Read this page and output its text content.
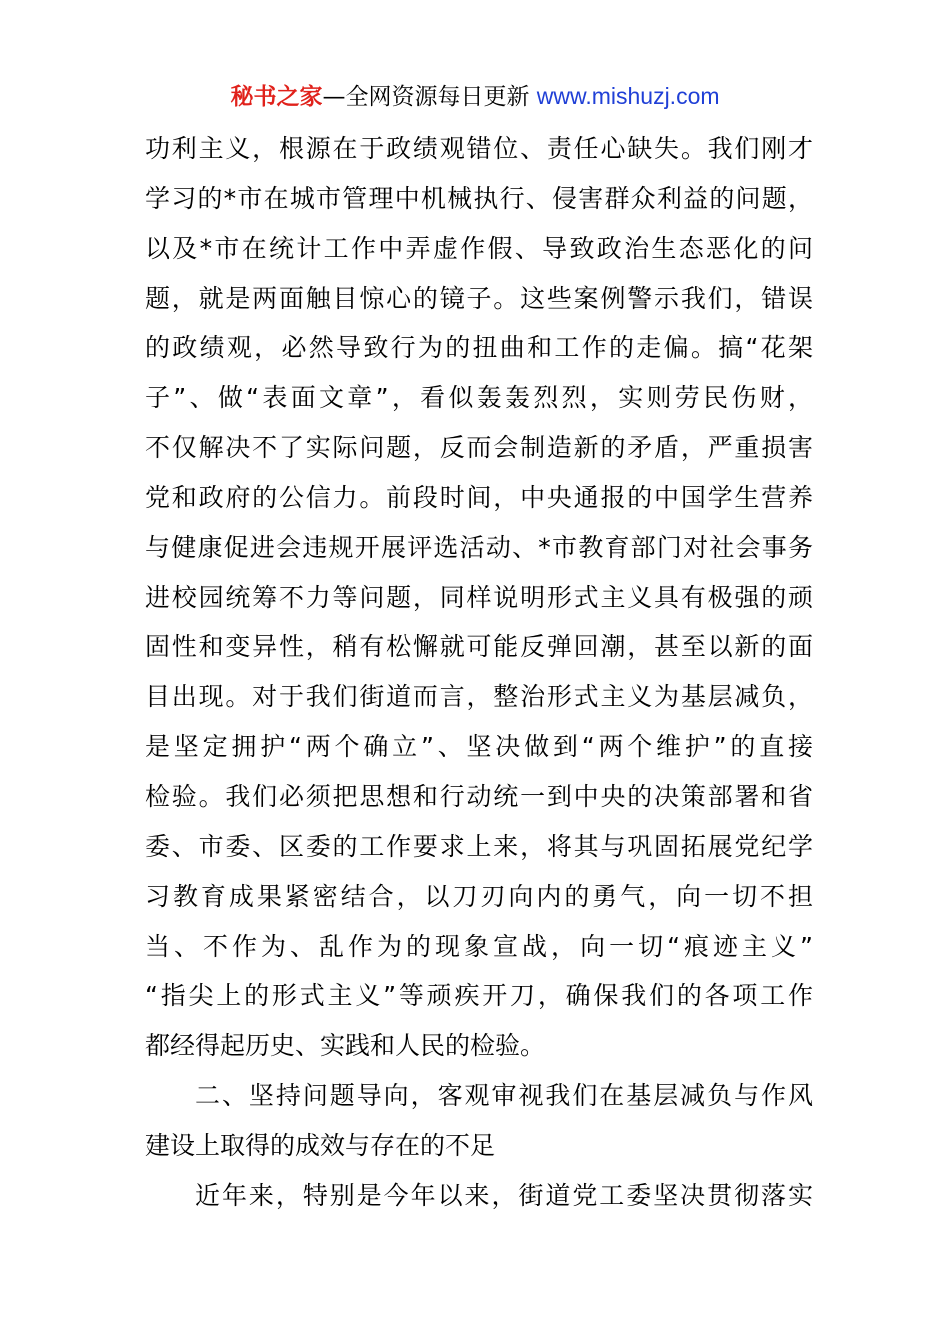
秘书之家—全网资源每日更新 www.mishuzj.com
功利主义，根源在于政绩观错位、责任心缺失。我们刚才
学习的*市在城市管理中机械执行、侵害群众利益的问题，
以及*市在统计工作中弄虚作假、导致政治生态恶化的问
题，就是两面触目惊心的镜子。这些案例警示我们，错误
的政绩观，必然导致行为的扭曲和工作的走偏。搞“花架
子”、做“表面文章”，看似轰轰烈烈，实则劳民伤财，
不仅解决不了实际问题，反而会制造新的矛盾，严重损害
党和政府的公信力。前段时间，中央通报的中国学生营养
与健康促进会违规开展评选活动、*市教育部门对社会事务
进校园统筹不力等问题，同样说明形式主义具有极强的顽
固性和变异性，稍有松懈就可能反弹回潮，甚至以新的面
目出现。对于我们街道而言，整治形式主义为基层减负，
是坚定拥护“两个确立”、坚决做到“两个维护”的直接
检验。我们必须把思想和行动统一到中央的决策部署和省
委、市委、区委的工作要求上来，将其与巩固拓展党纪学
习教育成果紧密结合，以刀刃向内的勇气，向一切不担
当、不作为、乱作为的现象宣战，向一切“痕迹主义”
“指尖上的形式主义”等顽疾开刀，确保我们的各项工作
都经得起历史、实践和人民的检验。
二、坚持问题导向，客观审视我们在基层减负与作风
建设上取得的成效与存在的不足
近年来，特别是今年以来，街道党工委坚决贯彻落实
